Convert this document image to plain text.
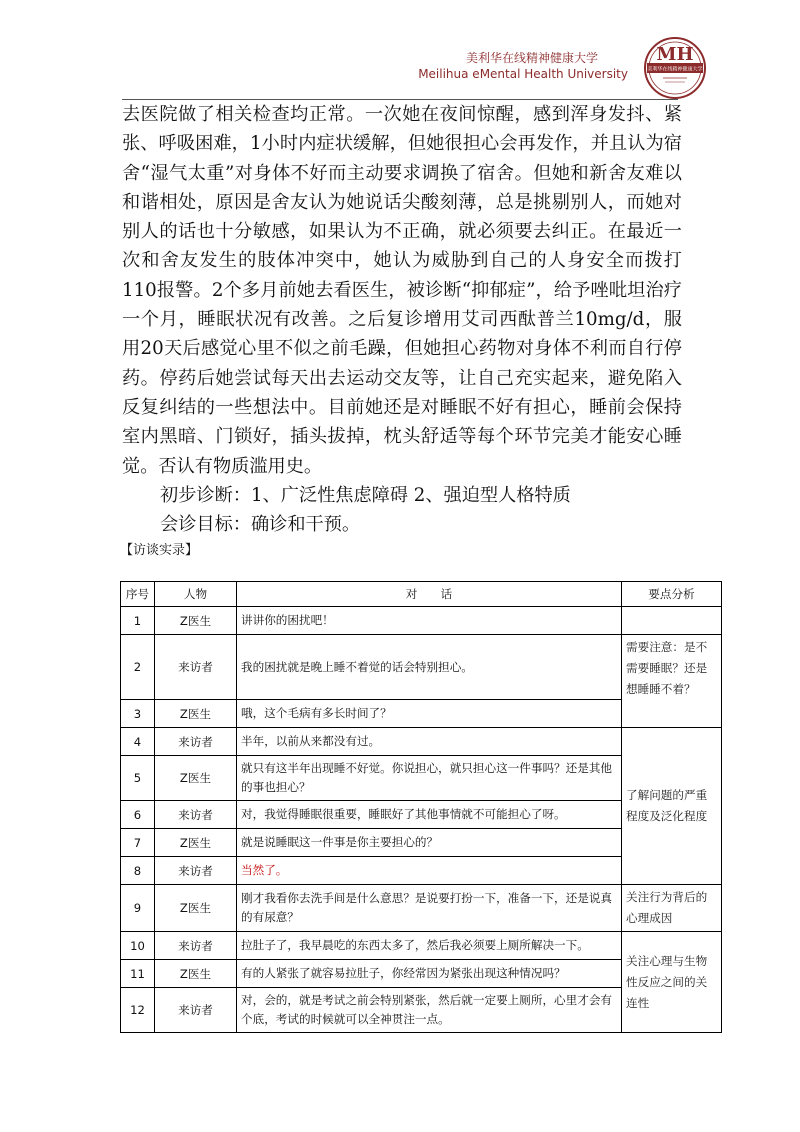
美利华在线精神健康大学
Meilihua eMental Health University
MH
美利华在线精神健康大学

去医院做了相关检查均正常。一次她在夜间惊醒，感到浑身发抖、紧张、呼吸困难，1小时内症状缓解，但她很担心会再发作，并且认为宿舍“湿气太重”对身体不好而主动要求调换了宿舍。但她和新舍友难以和谐相处，原因是舍友认为她说话尖酸刻薄，总是挑剔别人，而她对别人的话也十分敏感，如果认为不正确，就必须要去纠正。在最近一次和舍友发生的肢体冲突中，她认为威胁到自己的人身安全而拨打110报警。2个多月前她去看医生，被诊断“抑郁症”，给予唑吡坦治疗一个月，睡眠状况有改善。之后复诊增用艾司西酞普兰10mg/d，服用20天后感觉心里不似之前毛躁，但她担心药物对身体不利而自行停药。停药后她尝试每天出去运动交友等，让自己充实起来，避免陷入反复纠结的一些想法中。目前她还是对睡眠不好有担心，睡前会保持室内黑暗、门锁好，插头拔掉，枕头舒适等每个环节完美才能安心睡觉。否认有物质滥用史。

初步诊断：1、广泛性焦虑障碍 2、强迫型人格特质

会诊目标：确诊和干预。

【访谈实录】
序号	人物	对　　话	要点分析
1	Z医生	讲讲你的困扰吧！	
2	来访者	我的困扰就是晚上睡不着觉的话会特别担心。	需要注意：是不需要睡眠？还是想睡睡不着？
3	Z医生	哦，这个毛病有多长时间了？	
4	来访者	半年，以前从来都没有过。	了解问题的严重程度及泛化程度
5	Z医生	就只有这半年出现睡不好觉。你说担心，就只担心这一件事吗？还是其他的事也担心？	
6	来访者	对，我觉得睡眠很重要，睡眠好了其他事情就不可能担心了呀。	
7	Z医生	就是说睡眠这一件事是你主要担心的？	
8	来访者	当然了。	
9	Z医生	刚才我看你去洗手间是什么意思？是说要打扮一下，准备一下，还是说真的有尿意？	关注行为背后的心理成因
10	来访者	拉肚子了，我早晨吃的东西太多了，然后我必须要上厕所解决一下。	关注心理与生物性反应之间的关连性
11	Z医生	有的人紧张了就容易拉肚子，你经常因为紧张出现这种情况吗？	
12	来访者	对，会的，就是考试之前会特别紧张，然后就一定要上厕所，心里才会有个底，考试的时候就可以全神贯注一点。	
